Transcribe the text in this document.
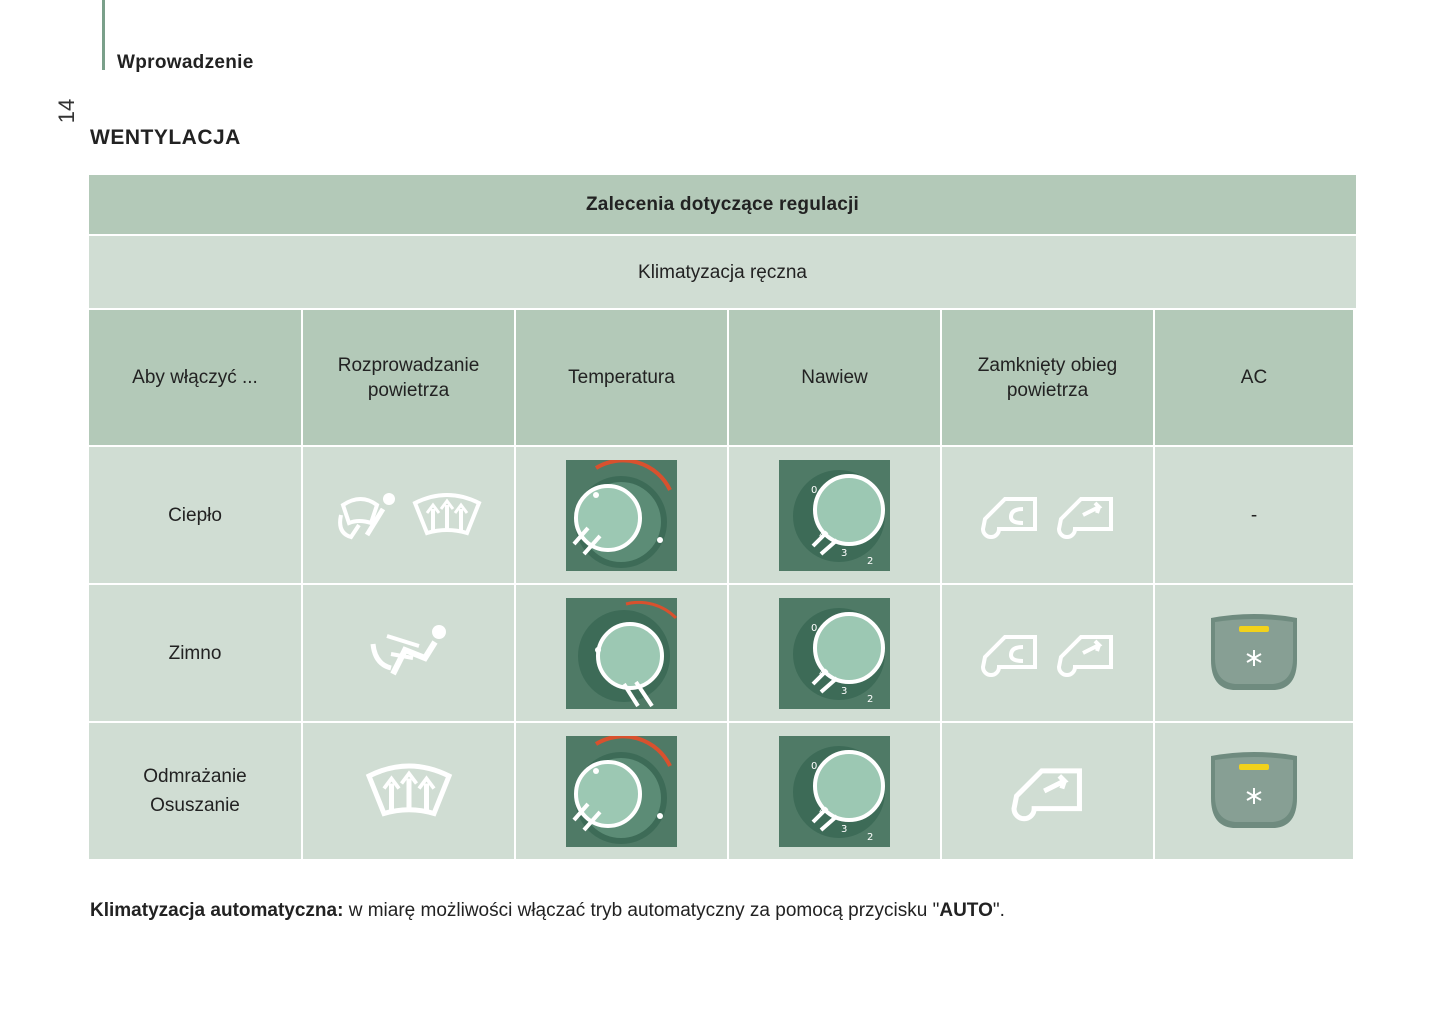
Wprowadzenie
14
WENTYLACJA
Zalecenia dotyczące regulacji
Klimatyzacja ręczna
Aby włączyć ...
Rozprowadzanie powietrza
Temperatura	Nawiew
Zamknięty obieg powietrza
AC
Ciepło	-
Zimno
Odmrażanie
Osuszanie
Klimatyzacja automatyczna: w miarę możliwości włączać tryb automatyczny za pomocą przycisku "AUTO".
